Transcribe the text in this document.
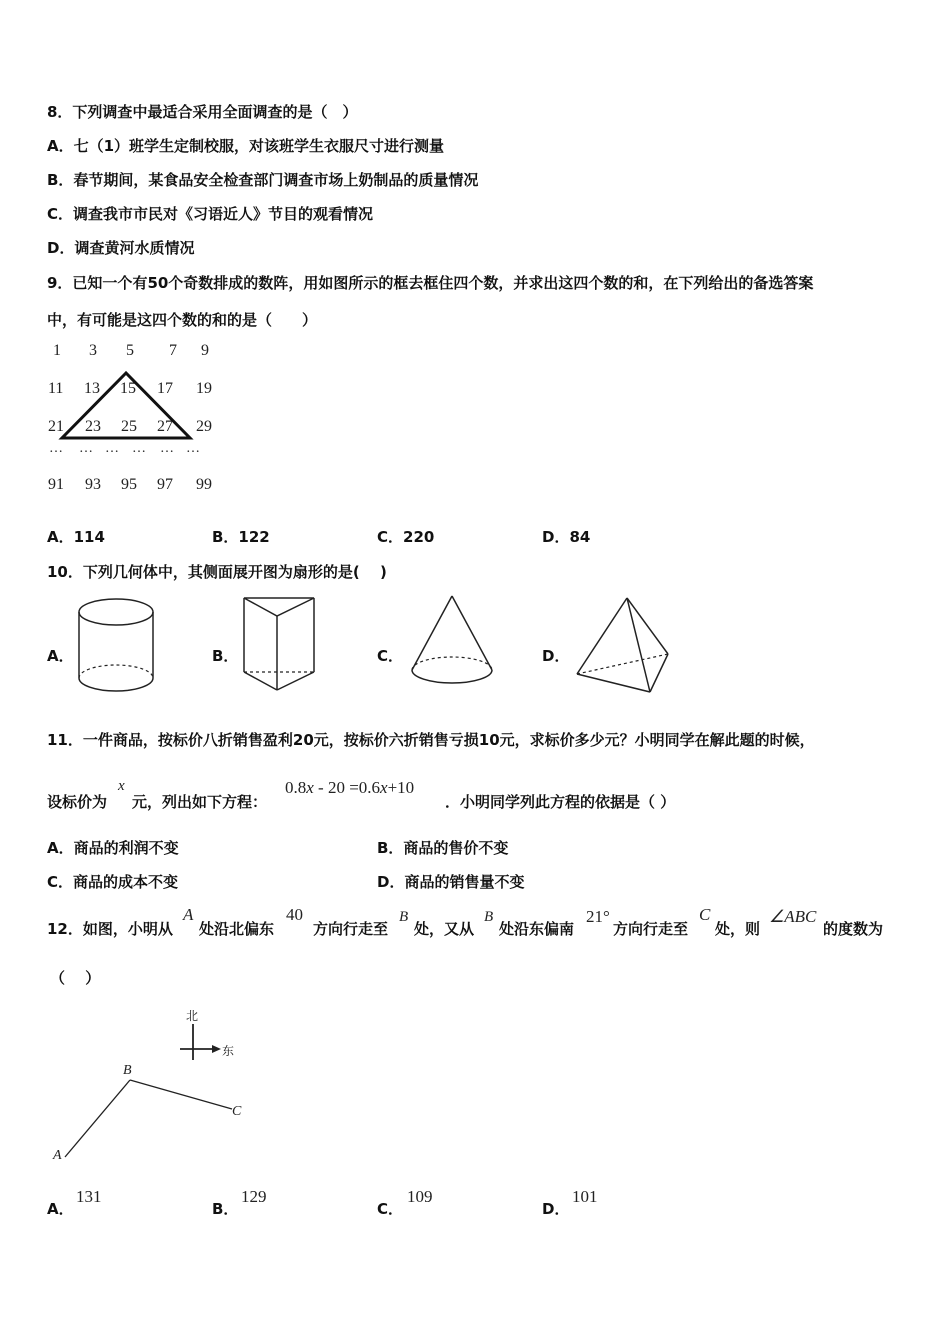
8．下列调查中最适合采用全面调查的是（　）
A．七（1）班学生定制校服，对该班学生衣服尺寸进行测量
B．春节期间，某食品安全检查部门调查市场上奶制品的质量情况
C．调查我市市民对《习语近人》节目的观看情况
D．调查黄河水质情况
9．已知一个有50个奇数排成的数阵，用如图所示的框去框住四个数，并求出这四个数的和，在下列给出的备选答案
中，有可能是这四个数的和的是（　　）
1 3 5 7 9
11 13 15 17 19
21 23 25 27 29
… … … … … …
91 93 95 97 99
A．114	B．122	C．220	D．84
10．下列几何体中，其侧面展开图为扇形的是(　 )
A．	B．	C．	D．
11．一件商品，按标价八折销售盈利20元，按标价六折销售亏损10元，求标价多少元？小明同学在解此题的时候，
设标价为
x
元，列出如下方程：
0.8x - 20 =0.6x+10
．小明同学列此方程的依据是（ ）
A．商品的利润不变	B．商品的售价不变
C．商品的成本不变	D．商品的销售量不变
12．如图，小明从
A
处沿北偏东
40
方向行走至
B
处，又从
B
处沿东偏南
21°
方向行走至
C
处，则
∠ABC
的度数为
（　 ）
北
东
A
B
C
A．
131
B．
129
C．
109
D．
101
